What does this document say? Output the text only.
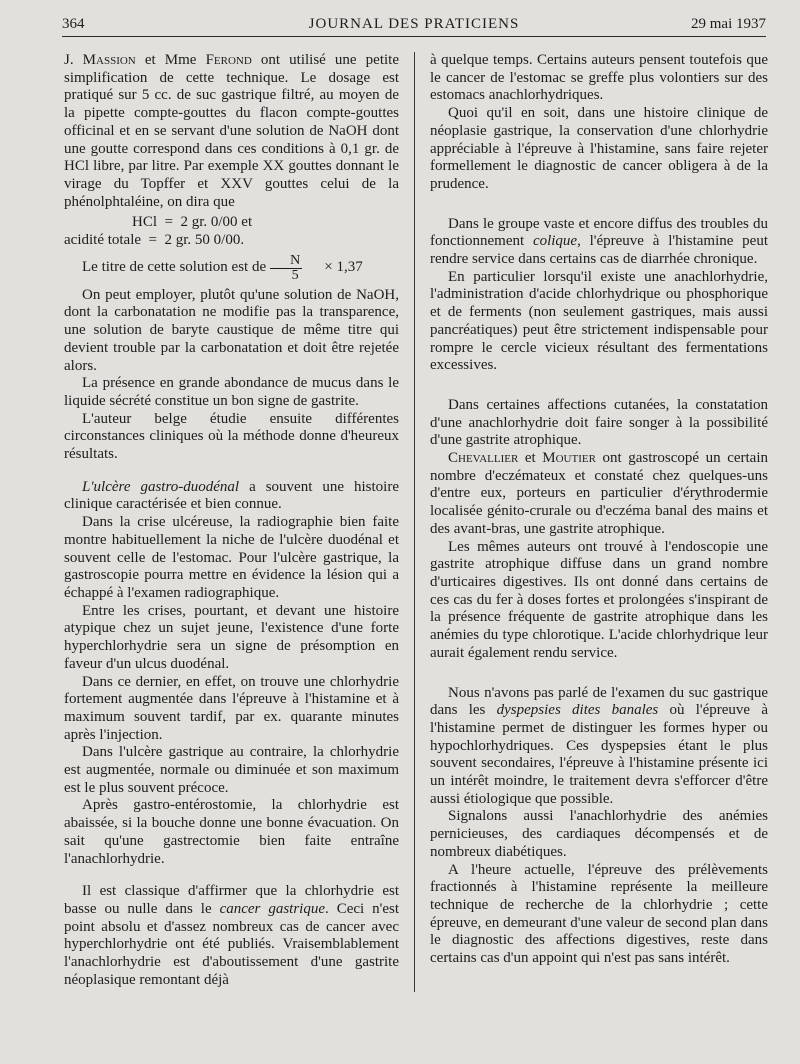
364	JOURNAL DES PRATICIENS	29 mai 1937

J. Massion et Mme Ferond ont utilisé une petite simplification de cette technique. Le dosage est pratiqué sur 5 cc. de suc gastrique filtré, au moyen de la pipette compte-gouttes du flacon compte-gouttes officinal et en se servant d'une solution de NaOH dont une goutte correspond dans ces conditions à 0,1 gr. de HCl libre, par litre. Par exemple XX gouttes donnant le virage du Topffer et XXV gouttes celui de la phénolphtaléine, on dira que

HCl  =  2 gr. 0/00 et
acidité totale  =  2 gr. 50 0/00.
Le titre de cette solution est de $\frac{N}{5}$	× 1,37

On peut employer, plutôt qu'une solution de NaOH, dont la carbonatation ne modifie pas la transparence, une solution de baryte caustique de même titre qui devient trouble par la carbonatation et doit être rejetée alors.

La présence en grande abondance de mucus dans le liquide sécrété constitue un bon signe de gastrite.

L'auteur belge étudie ensuite différentes circonstances cliniques où la méthode donne d'heureux résultats.

L'ulcère gastro-duodénal a souvent une histoire clinique caractérisée et bien connue.

Dans la crise ulcéreuse, la radiographie bien faite montre habituellement la niche de l'ulcère duodénal et souvent celle de l'estomac. Pour l'ulcère gastrique, la gastroscopie pourra mettre en évidence la lésion qui a échappé à l'examen radiographique.

Entre les crises, pourtant, et devant une histoire atypique chez un sujet jeune, l'existence d'une forte hyperchlorhydrie sera un signe de présomption en faveur d'un ulcus duodénal.

Dans ce dernier, en effet, on trouve une chlorhydrie fortement augmentée dans l'épreuve à l'histamine et à maximum souvent tardif, par ex. quarante minutes après l'injection.

Dans l'ulcère gastrique au contraire, la chlorhydrie est augmentée, normale ou diminuée et son maximum est le plus souvent précoce.

Après gastro-entérostomie, la chlorhydrie est abaissée, si la bouche donne une bonne évacuation. On sait qu'une gastrectomie bien faite entraîne l'anachlorhydrie.

Il est classique d'affirmer que la chlorhydrie est basse ou nulle dans le cancer gastrique. Ceci n'est point absolu et d'assez nombreux cas de cancer avec hyperchlorhydrie ont été publiés. Vraisemblablement l'anachlorhydrie est d'aboutissement d'une gastrite néoplasique remontant déjà

à quelque temps. Certains auteurs pensent toutefois que le cancer de l'estomac se greffe plus volontiers sur des estomacs anachlorhydriques.

Quoi qu'il en soit, dans une histoire clinique de néoplasie gastrique, la conservation d'une chlorhydrie appréciable à l'épreuve à l'histamine, sans faire rejeter formellement le diagnostic de cancer obligera à de la prudence.

Dans le groupe vaste et encore diffus des troubles du fonctionnement colique, l'épreuve à l'histamine peut rendre service dans certains cas de diarrhée chronique.

En particulier lorsqu'il existe une anachlorhydrie, l'administration d'acide chlorhydrique ou phosphorique et de ferments (non seulement gastriques, mais aussi pancréatiques) peut être strictement indispensable pour rompre le cercle vicieux résultant des fermentations excessives.

Dans certaines affections cutanées, la constatation d'une anachlorhydrie doit faire songer à la possibilité d'une gastrite atrophique.

Chevallier et Moutier ont gastroscopé un certain nombre d'eczémateux et constaté chez quelques-uns d'entre eux, porteurs en particulier d'érythrodermie localisée génito-crurale ou d'eczéma banal des mains et des avant-bras, une gastrite atrophique.

Les mêmes auteurs ont trouvé à l'endoscopie une gastrite atrophique diffuse dans un grand nombre d'urticaires digestives. Ils ont donné dans certains de ces cas du fer à doses fortes et prolongées s'inspirant de la présence fréquente de gastrite atrophique dans les anémies du type chlorotique. L'acide chlorhydrique leur aurait également rendu service.

Nous n'avons pas parlé de l'examen du suc gastrique dans les dyspepsies dites banales où l'épreuve à l'histamine permet de distinguer les formes hyper ou hypochlorhydriques. Ces dyspepsies étant le plus souvent secondaires, l'épreuve à l'histamine présente ici un intérêt moindre, le traitement devra s'efforcer d'être aussi étiologique que possible.

Signalons aussi l'anachlorhydrie des anémies pernicieuses, des cardiaques décompensés et de nombreux diabétiques.

A l'heure actuelle, l'épreuve des prélèvements fractionnés à l'histamine représente la meilleure technique de recherche de la chlorhydrie ; cette épreuve, en demeurant d'une valeur de second plan dans le diagnostic des affections digestives, reste dans certains cas d'un appoint qui n'est pas sans intérêt.
